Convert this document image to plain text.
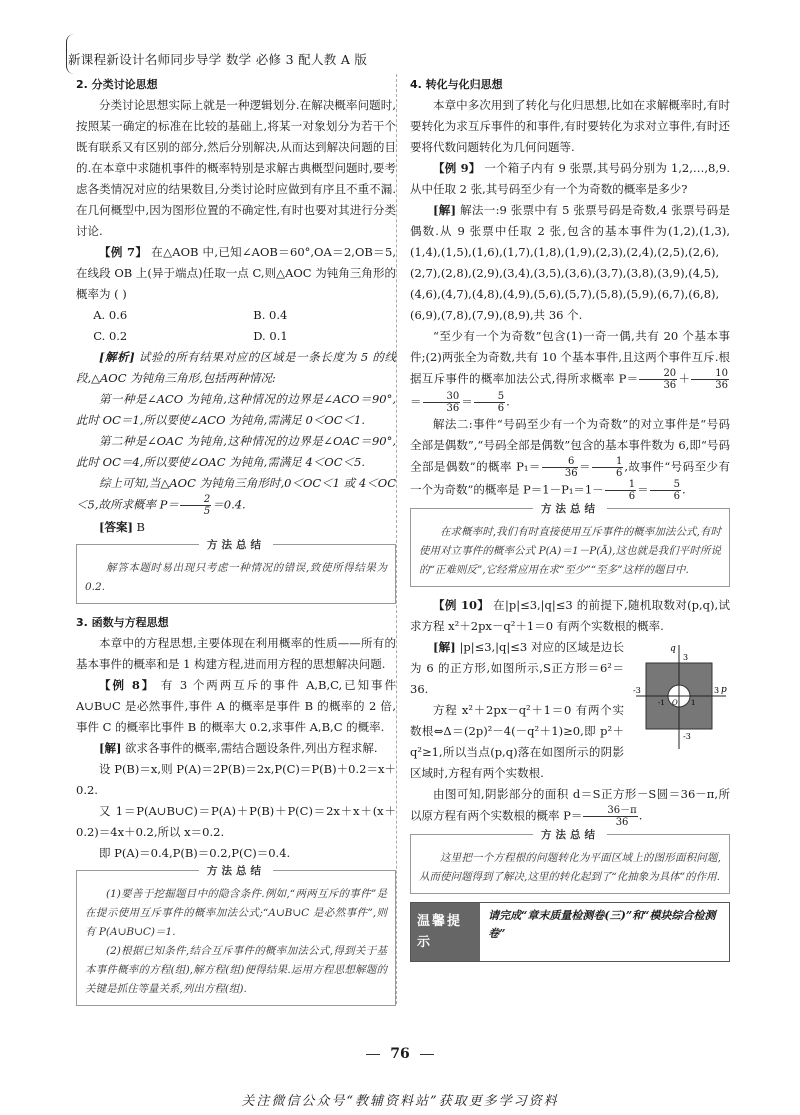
新课程新设计名师同步导学 数学 必修 3 配人教 A 版
2. 分类讨论思想

分类讨论思想实际上就是一种逻辑划分.在解决概率问题时,按照某一确定的标准在比较的基础上,将某一对象划分为若干个既有联系又有区别的部分,然后分别解决,从而达到解决问题的目的.在本章中求随机事件的概率特别是求解古典概型问题时,要考虑各类情况对应的结果数目,分类讨论时应做到有序且不重不漏.在几何概型中,因为图形位置的不确定性,有时也要对其进行分类讨论.

【例 7】 在△AOB 中,已知∠AOB＝60°,OA＝2,OB＝5,在线段 OB 上(异于端点)任取一点 C,则△AOC 为钝角三角形的概率为 ( )

A. 0.6	B. 0.4
C. 0.2	D. 0.1

[解析] 试验的所有结果对应的区域是一条长度为 5 的线段,△AOC 为钝角三角形,包括两种情况:

第一种是∠ACO 为钝角,这种情况的边界是∠ACO＝90°,此时 OC＝1,所以要使∠ACO 为钝角,需满足 0＜OC＜1.

第二种是∠OAC 为钝角,这种情况的边界是∠OAC＝90°,此时 OC＝4,所以要使∠OAC 为钝角,需满足 4＜OC＜5.

综上可知,当△AOC 为钝角三角形时,0＜OC＜1 或 4＜OC＜5,故所求概率 $P= \frac{2}{5} =0.4$.

[答案] B

方法总结

解答本题时易出现只考虑一种情况的错误,致使所得结果为 0.2.

3. 函数与方程思想

本章中的方程思想,主要体现在利用概率的性质——所有的基本事件的概率和是 1 构建方程,进而用方程的思想解决问题.

【例 8】 有 3 个两两互斥的事件 A,B,C,已知事件 A∪B∪C 是必然事件,事件 A 的概率是事件 B 的概率的 2 倍,事件 C 的概率比事件 B 的概率大 0.2,求事件 A,B,C 的概率.

[解] 欲求各事件的概率,需结合题设条件,列出方程求解.

设 P(B)＝x,则 P(A)＝2P(B)＝2x,P(C)＝P(B)＋0.2＝x＋0.2.

又 1＝P(A∪B∪C)＝P(A)＋P(B)＋P(C)＝2x＋x＋(x＋0.2)＝4x＋0.2,所以 x＝0.2.

即 P(A)＝0.4,P(B)＝0.2,P(C)＝0.4.

方法总结

(1)要善于挖掘题目中的隐含条件.例如,“两两互斥的事件”是在提示使用互斥事件的概率加法公式;“A∪B∪C 是必然事件”,则有 P(A∪B∪C)＝1.

(2)根据已知条件,结合互斥事件的概率加法公式,得到关于基本事件概率的方程(组),解方程(组)便得结果.运用方程思想解题的关键是抓住等量关系,列出方程(组).

4. 转化与化归思想

本章中多次用到了转化与化归思想,比如在求解概率时,有时要转化为求互斥事件的和事件,有时要转化为求对立事件,有时还要将代数问题转化为几何问题等.

【例 9】 一个箱子内有 9 张票,其号码分别为 1,2,…,8,9.从中任取 2 张,其号码至少有一个为奇数的概率是多少?

[解] 解法一:9 张票中有 5 张票号码是奇数,4 张票号码是偶数.从 9 张票中任取 2 张,包含的基本事件为(1,2),(1,3),(1,4),(1,5),(1,6),(1,7),(1,8),(1,9),(2,3),(2,4),(2,5),(2,6),(2,7),(2,8),(2,9),(3,4),(3,5),(3,6),(3,7),(3,8),(3,9),(4,5),(4,6),(4,7),(4,8),(4,9),(5,6),(5,7),(5,8),(5,9),(6,7),(6,8),(6,9),(7,8),(7,9),(8,9),共 36 个.

“至少有一个为奇数”包含(1)一奇一偶,共有 20 个基本事件;(2)两张全为奇数,共有 10 个基本事件,且这两个事件互斥.根据互斥事件的概率加法公式,得所求概率 $P= \frac{20}{36} + \frac{10}{36}$
＝ $\frac{30}{36} = \frac{5}{6}$ .

解法二:事件“号码至少有一个为奇数”的对立事件是“号码全部是偶数”,“号码全部是偶数”包含的基本事件数为 6,即“号码全部是偶数”的概率 $P_1= \frac{6}{36} = \frac{1}{6}$ ,故事件“号码至少有一个为奇数”的概率是 $P=1-P_1=1- \frac{1}{6} = \frac{5}{6}$ .

方法总结

在求概率时,我们有时直接使用互斥事件的概率加法公式,有时使用对立事件的概率公式 P(A)＝1－P(Ā),这也就是我们平时所说的“正难则反”,它经常应用在求“至少”“至多”这样的题目中.

【例 10】 在|p|≤3,|q|≤3 的前提下,随机取数对(p,q),试求方程 x²＋2px－q²＋1＝0 有两个实数根的概率.

q
p
3
-3
-3	3
-1 O 1

[解] |p|≤3,|q|≤3 对应的区域是边长为 6 的正方形,如图所示,S正方形＝6²＝36.

方程 x²＋2px－q²＋1＝0 有两个实数根⇔Δ＝(2p)²－4(－q²＋1)≥0,即 p²＋q²≥1,所以当点(p,q)落在如图所示的阴影区域时,方程有两个实数根.

由图可知,阴影部分的面积 d＝S正方形－S圆＝36－π,所以原方程有两个实数根的概率 $P= \frac{36-\pi}{36}$ .

方法总结

这里把一个方程根的问题转化为平面区域上的图形面积问题,从而使问题得到了解决,这里的转化起到了“化抽象为具体”的作用.

温馨提示
请完成“章末质量检测卷(三)”和“模块综合检测卷”
76
关注微信公众号“教辅资料站”获取更多学习资料
